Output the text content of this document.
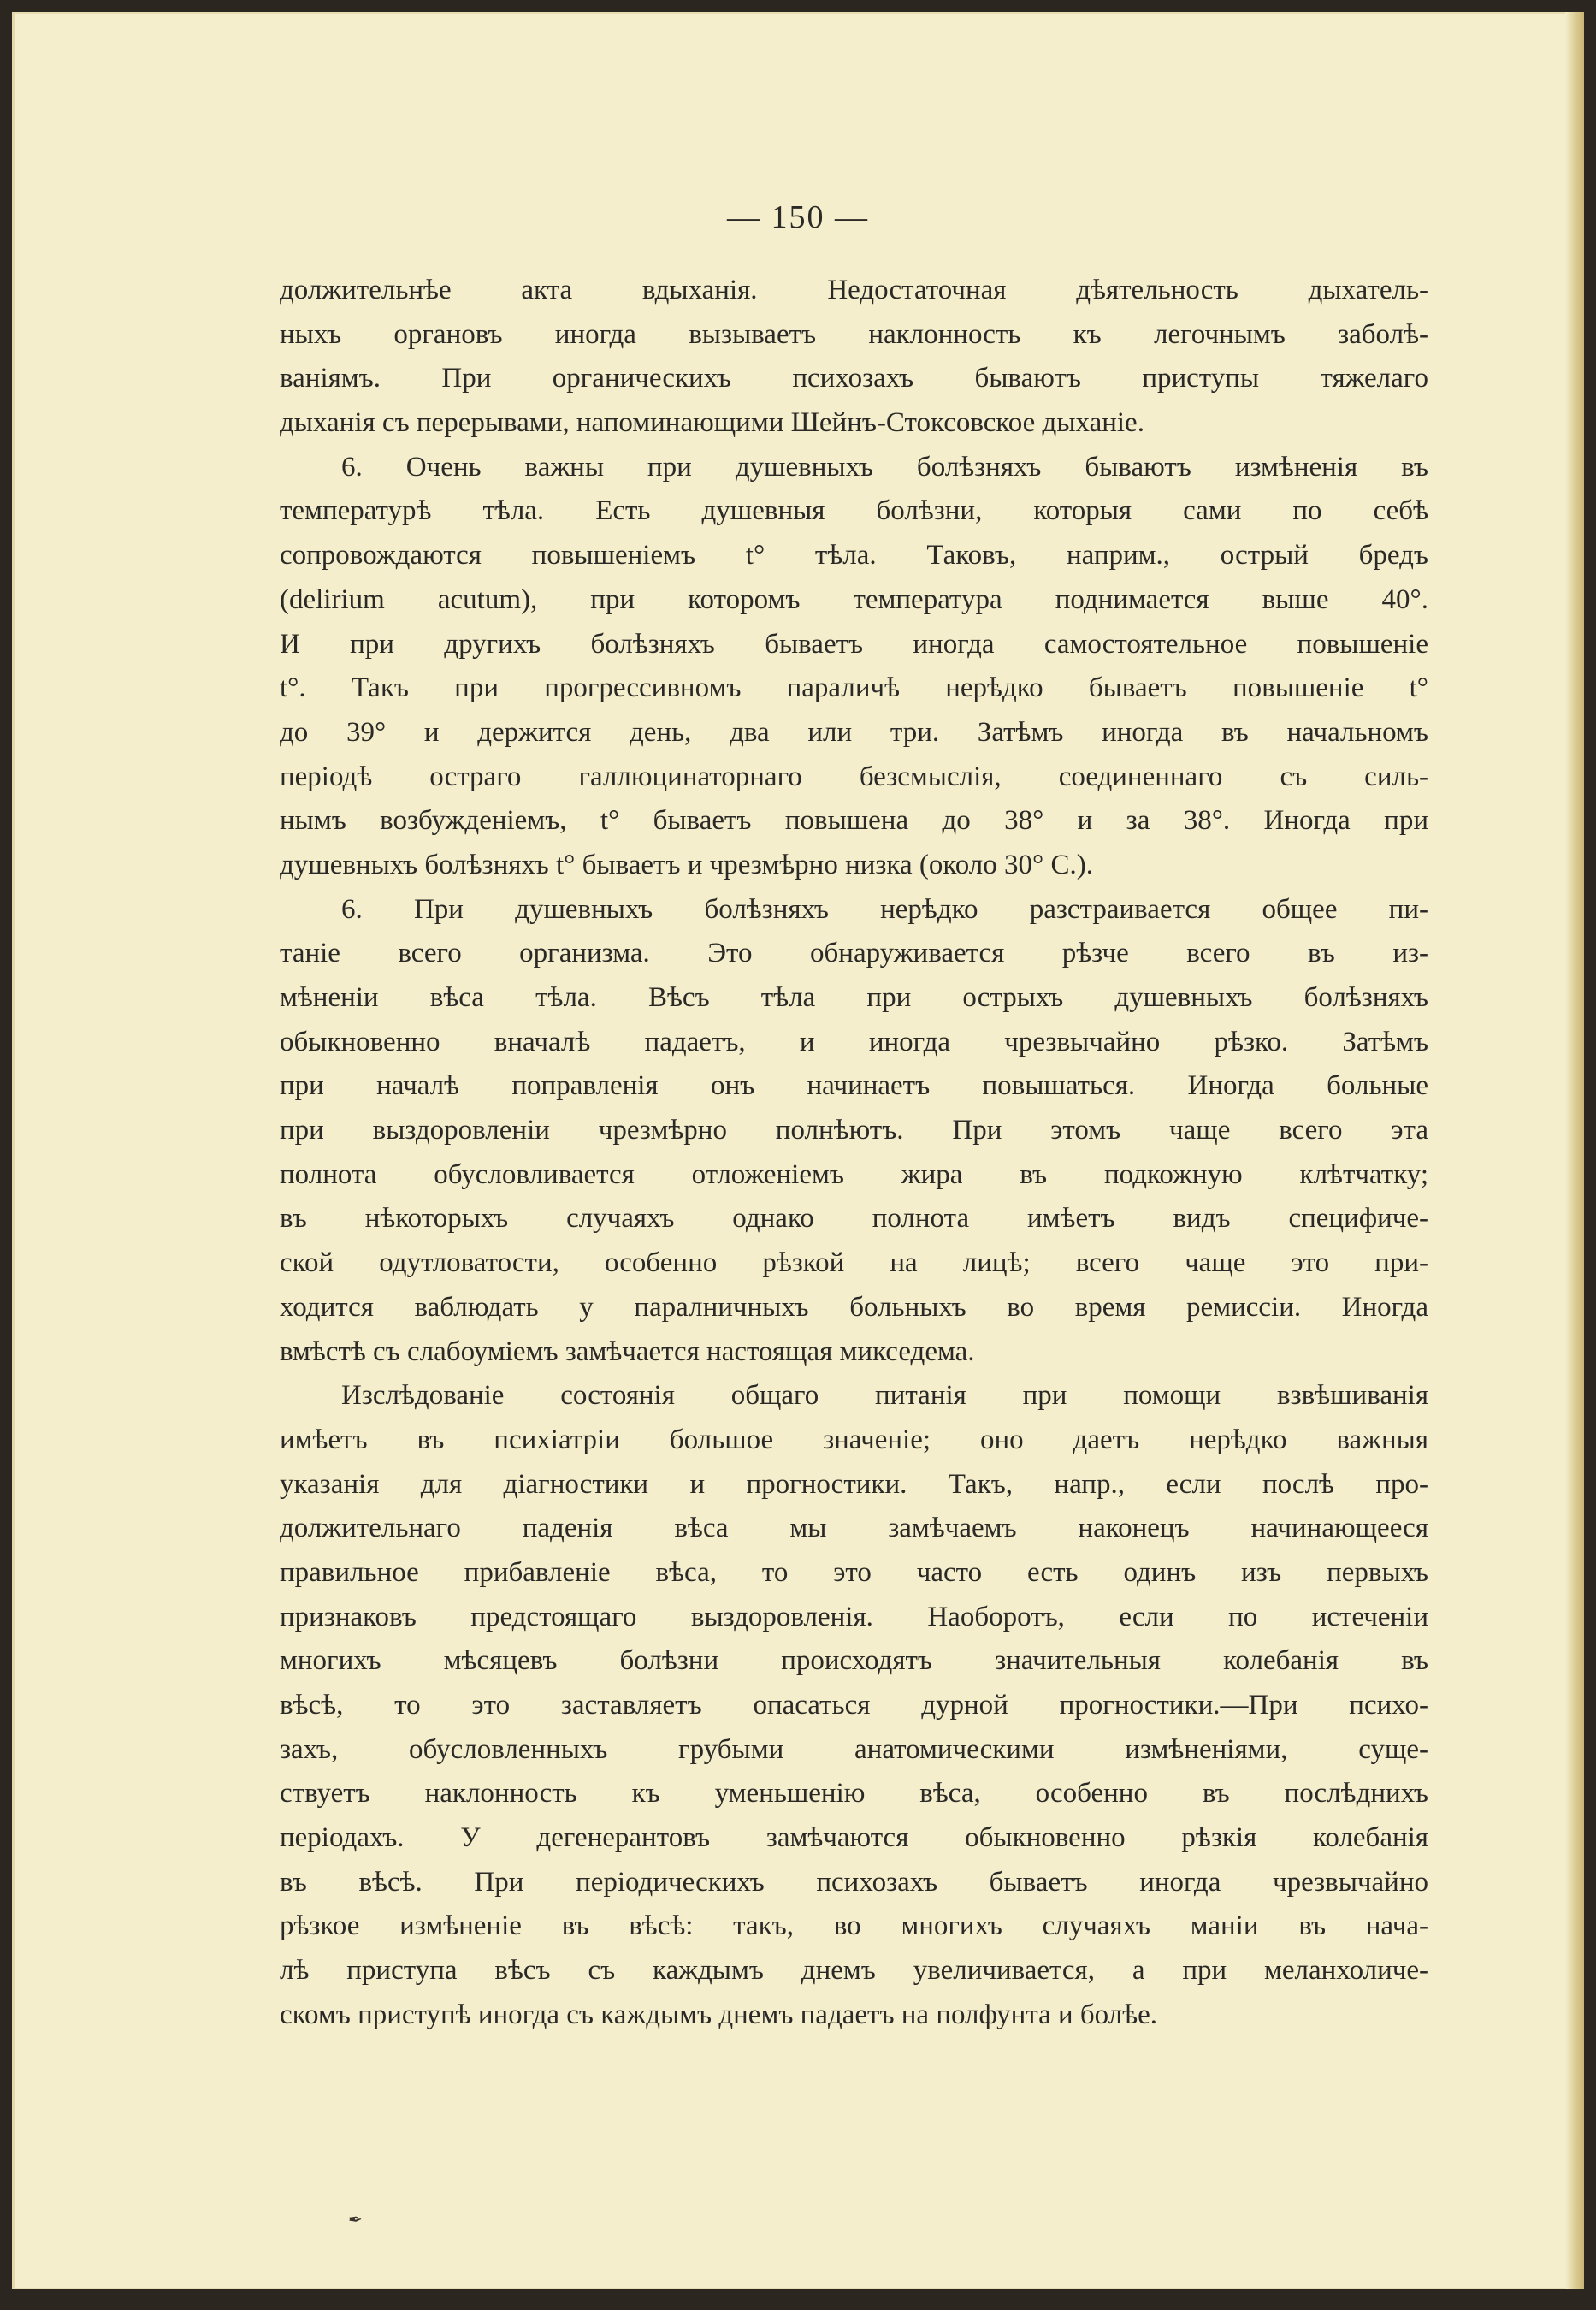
— 150 —
должительнѣе акта вдыханія. Недостаточная дѣятельность дыхатель-
ныхъ органовъ иногда вызываетъ наклонность къ легочнымъ заболѣ-
ваніямъ. При органическихъ психозахъ бываютъ приступы тяжелаго
дыханія съ перерывами, напоминающими Шейнъ-Стоксовское дыханіе.
6. Очень важны при душевныхъ болѣзняхъ бываютъ измѣненія въ
температурѣ тѣла. Есть душевныя болѣзни, которыя сами по себѣ
сопровождаются повышеніемъ t° тѣла. Таковъ, наприм., острый бредъ
(delirium acutum), при которомъ температура поднимается выше 40°.
И при другихъ болѣзняхъ бываетъ иногда самостоятельное повышеніе
t°. Такъ при прогрессивномъ параличѣ нерѣдко бываетъ повышеніе t°
до 39° и держится день, два или три. Затѣмъ иногда въ начальномъ
періодѣ остраго галлюцинаторнаго безсмыслія, соединеннаго съ силь-
нымъ возбужденіемъ, t° бываетъ повышена до 38° и за 38°. Иногда при
душевныхъ болѣзняхъ t° бываетъ и чрезмѣрно низка (около 30° С.).
6. При душевныхъ болѣзняхъ нерѣдко разстраивается общее пи-
таніе всего организма. Это обнаруживается рѣзче всего въ из-
мѣненіи вѣса тѣла. Вѣсъ тѣла при острыхъ душевныхъ болѣзняхъ
обыкновенно вначалѣ падаетъ, и иногда чрезвычайно рѣзко. Затѣмъ
при началѣ поправленія онъ начинаетъ повышаться. Иногда больные
при выздоровленіи чрезмѣрно полнѣютъ. При этомъ чаще всего эта
полнота обусловливается отложеніемъ жира въ подкожную клѣтчатку;
въ нѣкоторыхъ случаяхъ однако полнота имѣетъ видъ специфиче-
ской одутловатости, особенно рѣзкой на лицѣ; всего чаще это при-
ходится ваблюдать у паралничныхъ больныхъ во время ремиссіи. Иногда
вмѣстѣ съ слабоуміемъ замѣчается настоящая микседема.
Изслѣдованіе состоянія общаго питанія при помощи взвѣшиванія
имѣетъ въ психіатріи большое значеніе; оно даетъ нерѣдко важныя
указанія для діагностики и прогностики. Такъ, напр., если послѣ про-
должительнаго паденія вѣса мы замѣчаемъ наконецъ начинающееся
правильное прибавленіе вѣса, то это часто есть одинъ изъ первыхъ
признаковъ предстоящаго выздоровленія. Наоборотъ, если по истеченіи
многихъ мѣсяцевъ болѣзни происходятъ значительныя колебанія въ
вѣсѣ, то это заставляетъ опасаться дурной прогностики.—При психо-
захъ, обусловленныхъ грубыми анатомическими измѣненіями, суще-
ствуетъ наклонность къ уменьшенію вѣса, особенно въ послѣднихъ
періодахъ. У дегенерантовъ замѣчаются обыкновенно рѣзкія колебанія
въ вѣсѣ. При періодическихъ психозахъ бываетъ иногда чрезвычайно
рѣзкое измѣненіе въ вѣсѣ: такъ, во многихъ случаяхъ маніи въ нача-
лѣ приступа вѣсъ съ каждымъ днемъ увеличивается, а при меланхоличе-
скомъ приступѣ иногда съ каждымъ днемъ падаетъ на полфунта и болѣе.
✒
